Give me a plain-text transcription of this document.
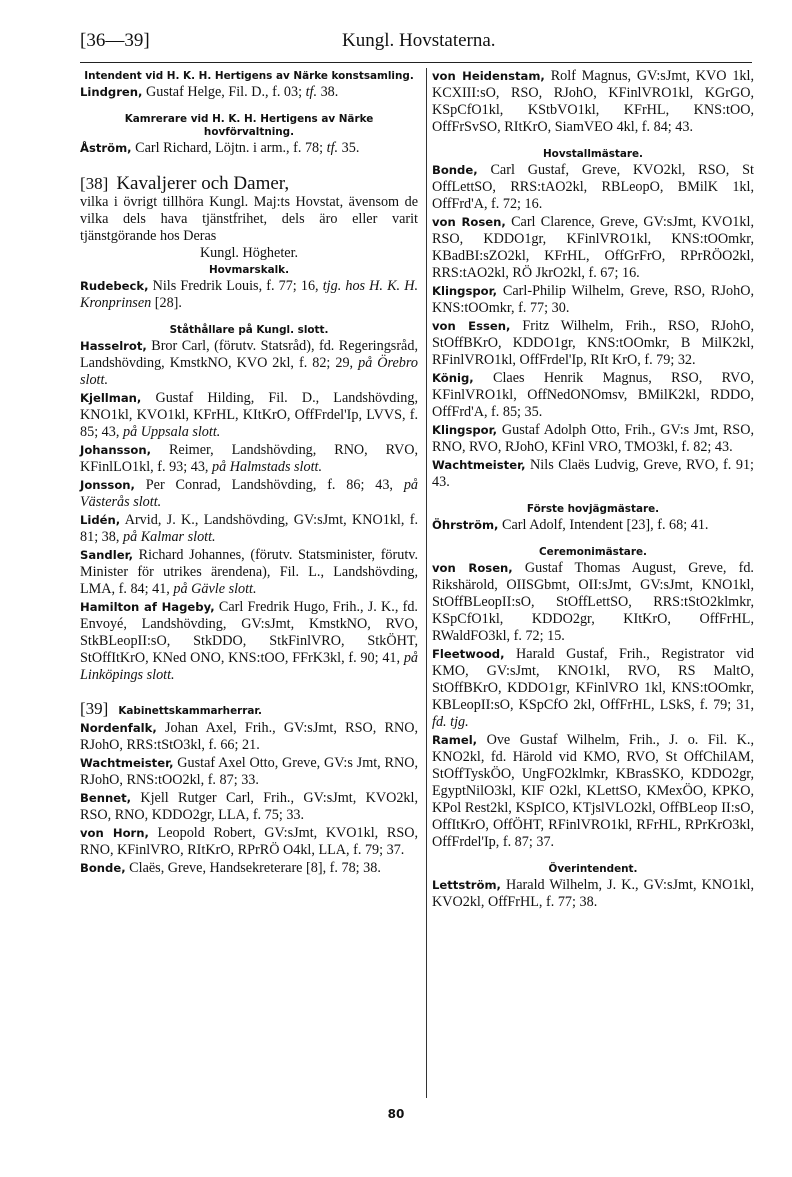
[36—39]	Kungl. Hovstaterna.
Intendent vid H. K. H. Hertigens av Närke konstsamling.
Lindgren, Gustaf Helge, Fil. D., f. 03; tf. 38.
Kamrerare vid H. K. H. Hertigens av Närke hovförvaltning.
Åström, Carl Richard, Löjtn. i arm., f. 78; tf. 35.
[38] Kavaljerer och Damer,
vilka i övrigt tillhöra Kungl. Maj:ts Hovstat, ävensom de vilka dels hava tjänstfrihet, dels äro eller varit tjänstgörande hos Deras
Kungl. Högheter.
Hovmarskalk.
Rudebeck, Nils Fredrik Louis, f. 77; 16, tjg. hos H. K. H. Kronprinsen [28].
Ståthållare på Kungl. slott.
Hasselrot, Bror Carl, (förutv. Statsråd), fd. Regeringsråd, Landshövding, KmstkNO, KVO 2kl, f. 82; 29, på Örebro slott.
Kjellman, Gustaf Hilding, Fil. D., Landshövding, KNO1kl, KVO1kl, KFrHL, KItKrO, OffFrdel'Ip, LVVS, f. 85; 43, på Uppsala slott.
Johansson, Reimer, Landshövding, RNO, RVO, KFinlLO1kl, f. 93; 43, på Halmstads slott.
Jonsson, Per Conrad, Landshövding, f. 86; 43, på Västerås slott.
Lidén, Arvid, J. K., Landshövding, GV:sJmt, KNO1kl, f. 81; 38, på Kalmar slott.
Sandler, Richard Johannes, (förutv. Statsminister, förutv. Minister för utrikes ärendena), Fil. L., Landshövding, LMA, f. 84; 41, på Gävle slott.
Hamilton af Hageby, Carl Fredrik Hugo, Frih., J. K., fd. Envoyé, Landshövding, GV:sJmt, KmstkNO, RVO, StkBLeopII:sO, StkDDO, StkFinlVRO, StkÖHT, StOffItKrO, KNed ONO, KNS:tOO, FFrK3kl, f. 90; 41, på Linköpings slott.
[39] Kabinettskammarherrar.
Nordenfalk, Johan Axel, Frih., GV:sJmt, RSO, RNO, RJohO, RRS:tStO3kl, f. 66; 21.
Wachtmeister, Gustaf Axel Otto, Greve, GV:s Jmt, RNO, RJohO, RNS:tOO2kl, f. 87; 33.
Bennet, Kjell Rutger Carl, Frih., GV:sJmt, KVO2kl, RSO, RNO, KDDO2gr, LLA, f. 75; 33.
von Horn, Leopold Robert, GV:sJmt, KVO1kl, RSO, RNO, KFinlVRO, RItKrO, RPrRÖ O4kl, LLA, f. 79; 37.
Bonde, Claës, Greve, Handsekreterare [8], f. 78; 38.
von Heidenstam, Rolf Magnus, GV:sJmt, KVO 1kl, KCXIII:sO, RSO, RJohO, KFinlVRO1kl, KGrGO, KSpCfO1kl, KStbVO1kl, KFrHL, KNS:tOO, OffFrSvSO, RItKrO, SiamVEO 4kl, f. 84; 43.
Hovstallmästare.
Bonde, Carl Gustaf, Greve, KVO2kl, RSO, St OffLettSO, RRS:tAO2kl, RBLeopO, BMilK 1kl, OffFrd'A, f. 72; 16.
von Rosen, Carl Clarence, Greve, GV:sJmt, KVO1kl, RSO, KDDO1gr, KFinlVRO1kl, KNS:tOOmkr, KBadBI:sZO2kl, KFrHL, OffGrFrO, RPrRÖO2kl, RRS:tAO2kl, RÖ JkrO2kl, f. 67; 16.
Klingspor, Carl-Philip Wilhelm, Greve, RSO, RJohO, KNS:tOOmkr, f. 77; 30.
von Essen, Fritz Wilhelm, Frih., RSO, RJohO, StOffBKrO, KDDO1gr, KNS:tOOmkr, B MilK2kl, RFinlVRO1kl, OffFrdel'Ip, RIt KrO, f. 79; 32.
König, Claes Henrik Magnus, RSO, RVO, KFinlVRO1kl, OffNedONOmsv, BMilK2kl, RDDO, OffFrd'A, f. 85; 35.
Klingspor, Gustaf Adolph Otto, Frih., GV:s Jmt, RSO, RNO, RVO, RJohO, KFinl VRO, TMO3kl, f. 82; 43.
Wachtmeister, Nils Claës Ludvig, Greve, RVO, f. 91; 43.
Förste hovjägmästare.
Öhrström, Carl Adolf, Intendent [23], f. 68; 41.
Ceremonimästare.
von Rosen, Gustaf Thomas August, Greve, fd. Rikshärold, OIISGbmt, OII:sJmt, GV:sJmt, KNO1kl, StOffBLeopII:sO, StOffLettSO, RRS:tStO2klmkr, KSpCfO1kl, KDDO2gr, KItKrO, OffFrHL, RWaldFO3kl, f. 72; 15.
Fleetwood, Harald Gustaf, Frih., Registrator vid KMO, GV:sJmt, KNO1kl, RVO, RS MaltO, StOffBKrO, KDDO1gr, KFinlVRO 1kl, KNS:tOOmkr, KBLeopII:sO, KSpCfO 2kl, OffFrHL, LSkS, f. 79; 31, fd. tjg.
Ramel, Ove Gustaf Wilhelm, Frih., J. o. Fil. K., KNO2kl, fd. Härold vid KMO, RVO, St OffChilAM, StOffTyskÖO, UngFO2klmkr, KBrasSKO, KDDO2gr, EgyptNilO3kl, KIF O2kl, KLettSO, KMexÖO, KPKO, KPol Rest2kl, KSpICO, KTjslVLO2kl, OffBLeop II:sO, OffItKrO, OffÖHT, RFinlVRO1kl, RFrHL, RPrKrO3kl, OffFrdel'Ip, f. 87; 37.
Överintendent.
Lettström, Harald Wilhelm, J. K., GV:sJmt, KNO1kl, KVO2kl, OffFrHL, f. 77; 38.
80
